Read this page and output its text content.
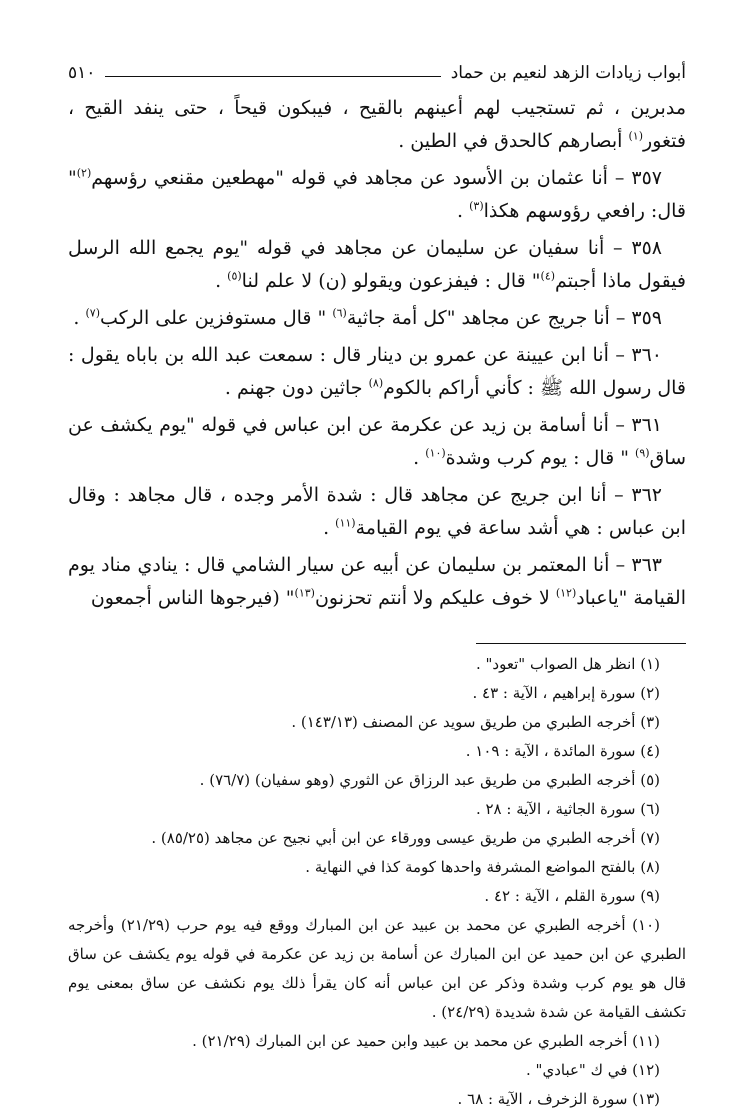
أبواب زيادات الزهد لنعيم بن حماد
٥١٠

مدبرين ، ثم تستجيب لهم أعينهم بالقيح ، فيبكون قيحاً ، حتى ينفد القيح ، فتغور$^{(١)}$ أبصارهم كالحدق في الطين .

٣٥٧ – أنا عثمان بن الأسود عن مجاهد في قوله "مهطعين مقنعي رؤسهم$^{(٢)}$" قال: رافعي رؤوسهم هكذا$^{(٣)}$ .

٣٥٨ – أنا سفيان عن سليمان عن مجاهد في قوله "يوم يجمع الله الرسل فيقول ماذا أجبتم$^{(٤)}$" قال : فيفزعون ويقولو (ن) لا علم لنا$^{(٥)}$ .

٣٥٩ – أنا جريج عن مجاهد "كل أمة جاثية$^{(٦)}$ " قال مستوفزين على الركب$^{(٧)}$ .

٣٦٠ – أنا ابن عيينة عن عمرو بن دينار قال : سمعت عبد الله بن باباه يقول : قال رسول الله ﷺ : كأني أراكم بالكوم$^{(٨)}$ جاثين دون جهنم .

٣٦١ – أنا أسامة بن زيد عن عكرمة عن ابن عباس في قوله "يوم يكشف عن ساق$^{(٩)}$ " قال : يوم كرب وشدة$^{(١٠)}$ .

٣٦٢ – أنا ابن جريج عن مجاهد قال : شدة الأمر وجده ، قال مجاهد : وقال ابن عباس : هي أشد ساعة في يوم القيامة$^{(١١)}$ .

٣٦٣ – أنا المعتمر بن سليمان عن أبيه عن سيار الشامي قال : ينادي مناد يوم القيامة "ياعباد$^{(١٢)}$ لا خوف عليكم ولا أنتم تحزنون$^{(١٣)}$" (فيرجوها الناس أجمعون

(١) انظر هل الصواب "تعود" .

(٢) سورة إبراهيم ، الآية : ٤٣ .

(٣) أخرجه الطبري من طريق سويد عن المصنف (١٤٣/١٣) .

(٤) سورة المائدة ، الآية : ١٠٩ .

(٥) أخرجه الطبري من طريق عبد الرزاق عن الثوري (وهو سفيان) (٧٦/٧) .

(٦) سورة الجاثية ، الآية : ٢٨ .

(٧) أخرجه الطبري من طريق عيسى وورقاء عن ابن أبي نجيح عن مجاهد (٨٥/٢٥) .

(٨) بالفتح المواضع المشرفة واحدها كومة كذا في النهاية .

(٩) سورة القلم ، الآية : ٤٢ .

(١٠) أخرجه الطبري عن محمد بن عبيد عن ابن المبارك ووقع فيه يوم حرب (٢١/٢٩) وأخرجه الطبري عن ابن حميد عن ابن المبارك عن أسامة بن زيد عن عكرمة في قوله يوم يكشف عن ساق قال هو يوم كرب وشدة وذكر عن ابن عباس أنه كان يقرأ ذلك يوم نكشف عن ساق بمعنى يوم تكشف القيامة عن شدة شديدة (٢٤/٢٩) .

(١١) أخرجه الطبري عن محمد بن عبيد وابن حميد عن ابن المبارك (٢١/٢٩) .

(١٢) في ك "عبادي" .

(١٣) سورة الزخرف ، الآية : ٦٨ .
